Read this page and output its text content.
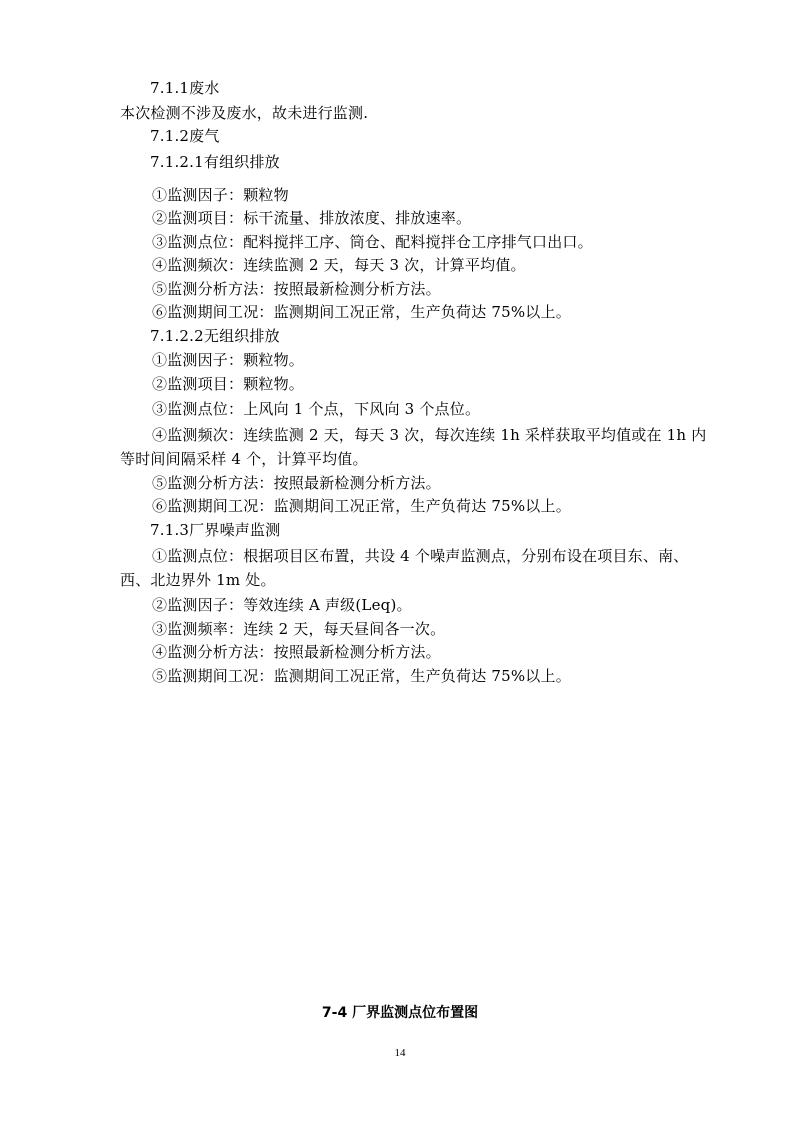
7.1.1废水
本次检测不涉及废水，故未进行监测.
7.1.2废气
7.1.2.1有组织排放
①监测因子：颗粒物
②监测项目：标干流量、排放浓度、排放速率。
③监测点位：配料搅拌工序、筒仓、配料搅拌仓工序排气口出口。
④监测频次：连续监测 2 天，每天 3 次，计算平均值。
⑤监测分析方法：按照最新检测分析方法。
⑥监测期间工况：监测期间工况正常，生产负荷达 75%以上。
7.1.2.2无组织排放
①监测因子：颗粒物。
②监测项目：颗粒物。
③监测点位：上风向 1 个点，下风向 3 个点位。
④监测频次：连续监测 2 天，每天 3 次，每次连续 1h 采样获取平均值或在 1h 内
等时间间隔采样 4 个，计算平均值。
⑤监测分析方法：按照最新检测分析方法。
⑥监测期间工况：监测期间工况正常，生产负荷达 75%以上。
7.1.3厂界噪声监测
①监测点位：根据项目区布置，共设 4 个噪声监测点，分别布设在项目东、南、
西、北边界外 1m 处。
②监测因子：等效连续 A 声级(Leq)。
③监测频率：连续 2 天，每天昼间各一次。
④监测分析方法：按照最新检测分析方法。
⑤监测期间工况：监测期间工况正常，生产负荷达 75%以上。
7-4 厂界监测点位布置图
14
